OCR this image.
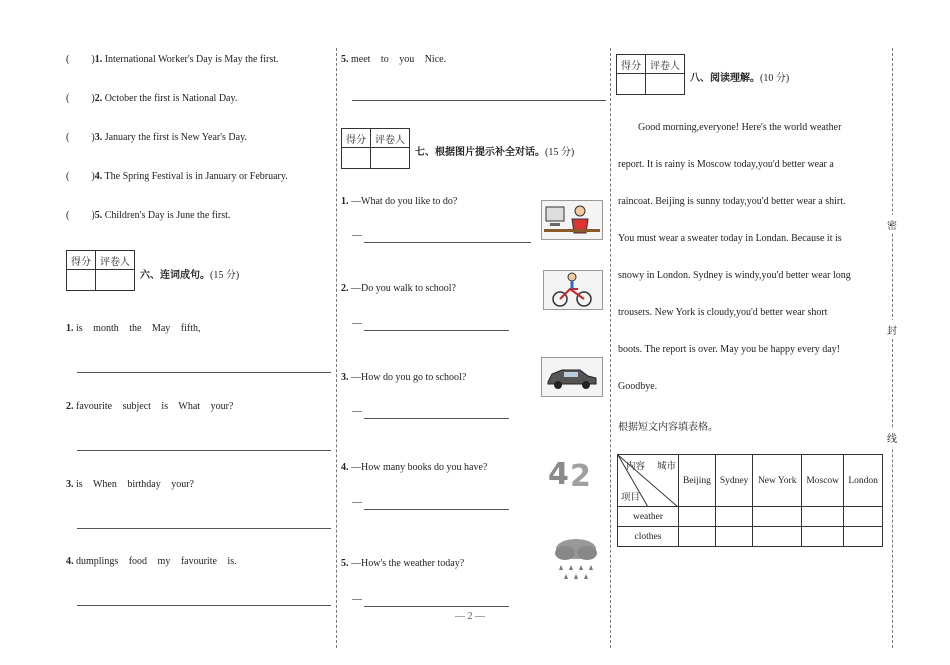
( )1. International Worker's Day is May the first.
( )2. October the first is National Day.
( )3. January the first is New Year's Day.
( )4. The Spring Festival is in January or February.
( )5. Children's Day is June the first.
得分	评卷人

六、连词成句。(15 分)
1. is month the May fifth,
2. favourite subject is What your?
3. is When birthday your?
4. dumplings food my favourite is.
5. meet to you Nice.
得分	评卷人

七、根据图片提示补全对话。(15 分)
1. —What do you like to do?
—
2. —Do you walk to school?
—
3. —How do you go to school?
—
4. —How many books do you have?
—
4 2
5. —How's the weather today?
—
— 2 —
得分	评卷人

八、阅读理解。(10 分)
Good morning,everyone! Here's the world weather
report. It is rainy is Moscow today,you'd better wear a
raincoat. Beijing is sunny today,you'd better wear a shirt.
You must wear a sweater today in Londan. Because it is
snowy in London. Sydney is windy,you'd better wear long
trousers. New York is cloudy,you'd better wear short
boots. The report is over. May you be happy every day!
Goodbye.
根据短文内容填表格。
内容 城市
项目	Beijing	Sydney	New York	Moscow	London
weather					
clothes					
密
封
线
